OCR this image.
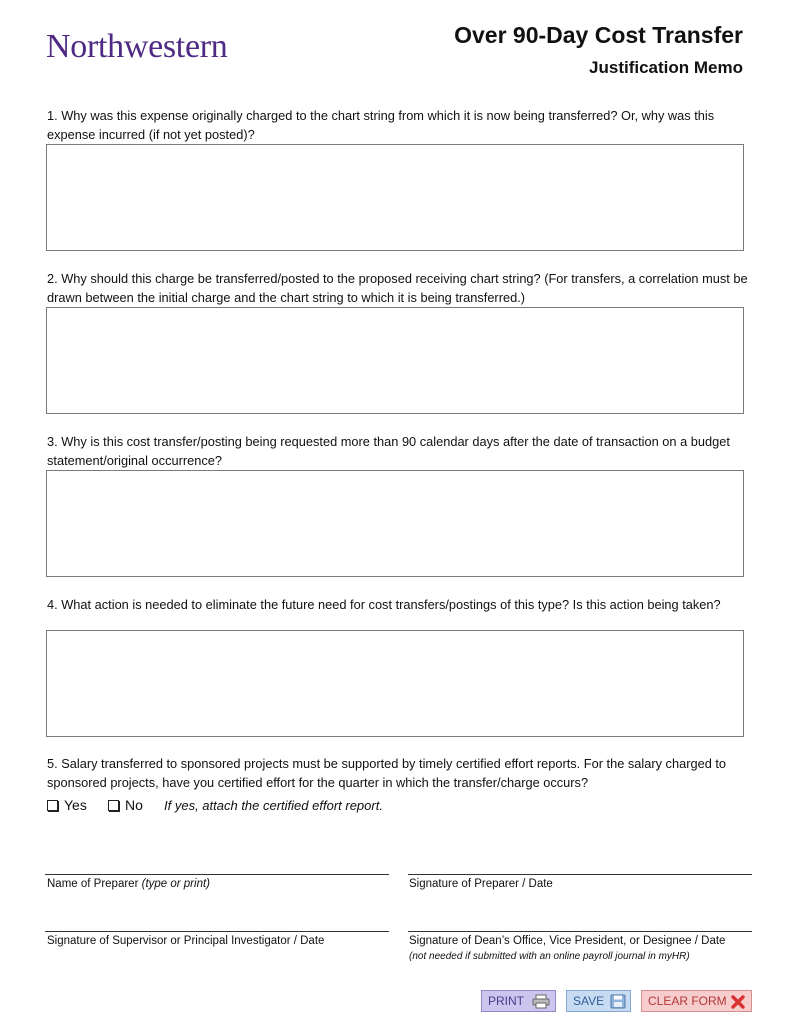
Northwestern	Over 90-Day Cost Transfer
Justification Memo
1. Why was this expense originally charged to the chart string from which it is now being transferred? Or, why was this expense incurred (if not yet posted)?
2. Why should this charge be transferred/posted to the proposed receiving chart string? (For transfers, a correlation must be drawn between the initial charge and the chart string to which it is being transferred.)
3. Why is this cost transfer/posting being requested more than 90 calendar days after the date of transaction on a budget statement/original occurrence?
4. What action is needed to eliminate the future need for cost transfers/postings of this type? Is this action being taken?
5. Salary transferred to sponsored projects must be supported by timely certified effort reports. For the salary charged to sponsored projects, have you certified effort for the quarter in which the transfer/charge occurs?
Yes	No If yes, attach the certified effort report.
Name of Preparer (type or print)	Signature of Preparer / Date
Signature of Supervisor or Principal Investigator / Date	Signature of Dean’s Office, Vice President, or Designee / Date
(not needed if submitted with an online payroll journal in myHR)
PRINT	SAVE	CLEAR FORM
